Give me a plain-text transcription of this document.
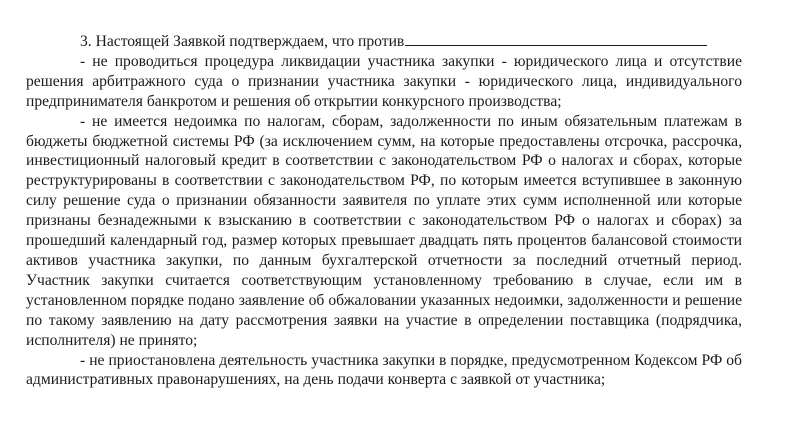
3. Настоящей Заявкой подтверждаем, что против

- не проводиться процедура ликвидации участника закупки - юридического лица и отсутствие решения арбитражного суда о признании участника закупки - юридического лица, индивидуального предпринимателя банкротом и решения об открытии конкурсного производства;

- не имеется недоимка по налогам, сборам, задолженности по иным обязательным платежам в бюджеты бюджетной системы РФ (за исключением сумм, на которые предоставлены отсрочка, рассрочка, инвестиционный налоговый кредит в соответствии с законодательством РФ о налогах и сборах, которые реструктурированы в соответствии с законодательством РФ, по которым имеется вступившее в законную силу решение суда о признании обязанности заявителя по уплате этих сумм исполненной или которые признаны безнадежными к взысканию в соответствии с законодательством РФ о налогах и сборах) за прошедший календарный год, размер которых превышает двадцать пять процентов балансовой стоимости активов участника закупки, по данным бухгалтерской отчетности за последний отчетный период. Участник закупки считается соответствующим установленному требованию в случае, если им в установленном порядке подано заявление об обжаловании указанных недоимки, задолженности и решение по такому заявлению на дату рассмотрения заявки на участие в определении поставщика (подрядчика, исполнителя) не принято;

- не приостановлена деятельность участника закупки в порядке, предусмотренном Кодексом РФ об административных правонарушениях, на день подачи конверта с заявкой от участника;
